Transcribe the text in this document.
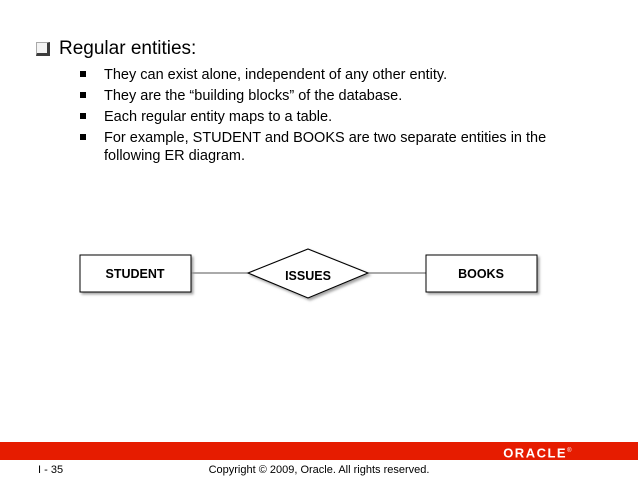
Regular entities:
They can exist alone, independent of any other entity.
They are the “building blocks” of the database.
Each regular entity maps to a table.
For example, STUDENT and BOOKS are two separate entities in the following ER diagram.
STUDENT	ISSUES	BOOKS
ORACLE®
I - 35	Copyright © 2009, Oracle. All rights reserved.
